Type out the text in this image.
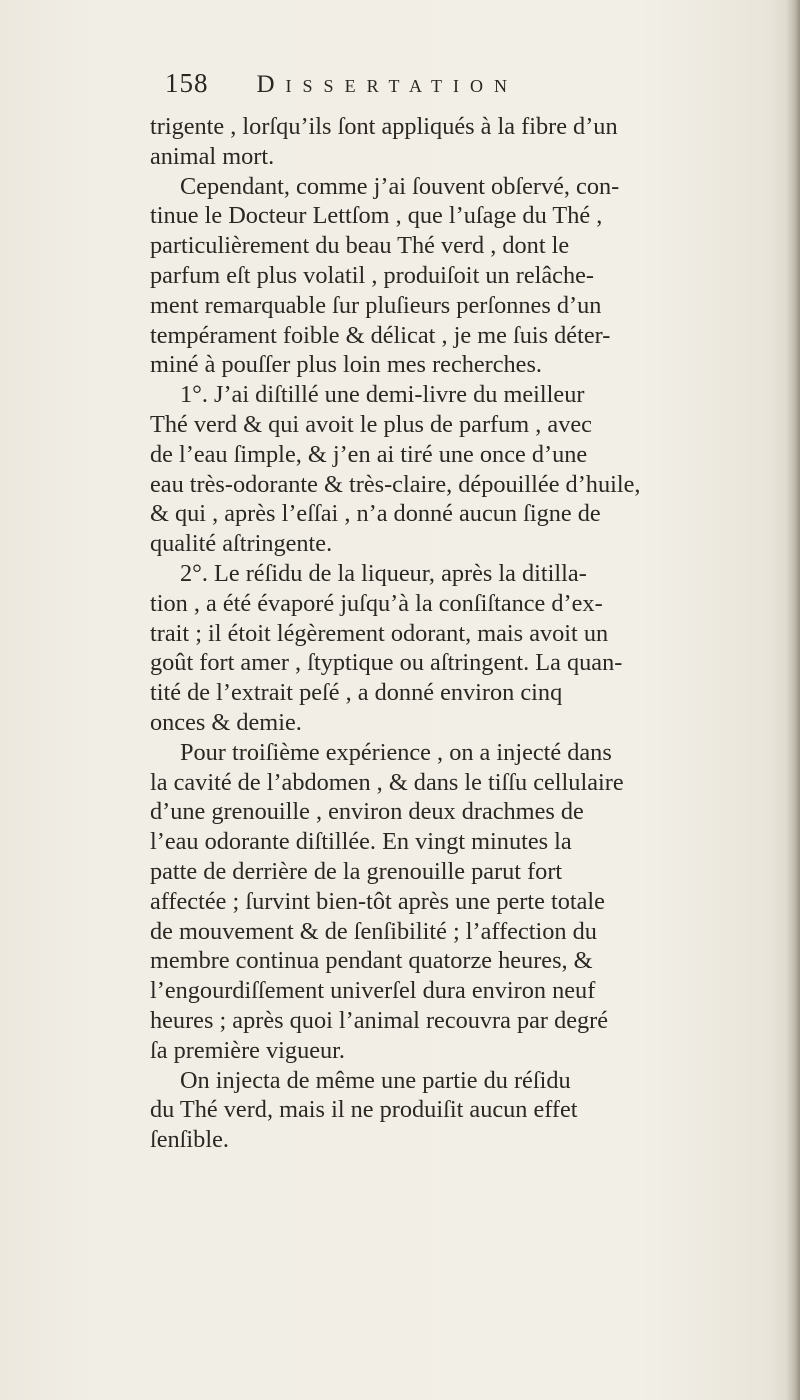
158 Dissertation
trigente , lorſqu’ils ſont appliqués à la fibre d’un
animal mort.
Cependant, comme j’ai ſouvent obſervé, con-
tinue le Docteur Lettſom , que l’uſage du Thé ,
particulièrement du beau Thé verd , dont le
parfum eſt plus volatil , produiſoit un relâche-
ment remarquable ſur pluſieurs perſonnes d’un
tempérament foible & délicat , je me ſuis déter-
miné à pouſſer plus loin mes recherches.
1°. J’ai diſtillé une demi-livre du meilleur
Thé verd & qui avoit le plus de parfum , avec
de l’eau ſimple, & j’en ai tiré une once d’une
eau très-odorante & très-claire, dépouillée d’huile,
& qui , après l’eſſai , n’a donné aucun ſigne de
qualité aſtringente.
2°. Le réſidu de la liqueur, après la ditilla-
tion , a été évaporé juſqu’à la conſiſtance d’ex-
trait ; il étoit légèrement odorant, mais avoit un
goût fort amer , ſtyptique ou aſtringent. La quan-
tité de l’extrait peſé , a donné environ cinq
onces & demie.
Pour troiſième expérience , on a injecté dans
la cavité de l’abdomen , & dans le tiſſu cellulaire
d’une grenouille , environ deux drachmes de
l’eau odorante diſtillée. En vingt minutes la
patte de derrière de la grenouille parut fort
affectée ; ſurvint bien-tôt après une perte totale
de mouvement & de ſenſibilité ; l’affection du
membre continua pendant quatorze heures, &
l’engourdiſſement univerſel dura environ neuf
heures ; après quoi l’animal recouvra par degré
ſa première vigueur.
On injecta de même une partie du réſidu
du Thé verd, mais il ne produiſit aucun effet
ſenſible.
